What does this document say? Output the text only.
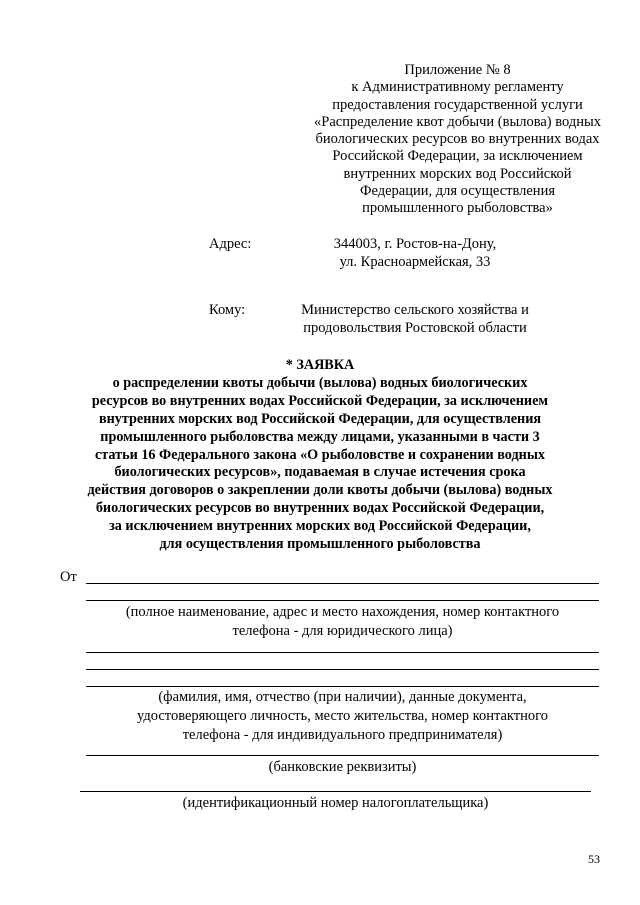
Приложение № 8
к Административному регламенту
предоставления государственной услуги
«Распределение квот добычи (вылова) водных
биологических ресурсов во внутренних водах
Российской Федерации, за исключением
внутренних морских вод Российской
Федерации, для осуществления
промышленного рыболовства»
Адрес:	344003, г. Ростов-на-Дону,
ул. Красноармейская, 33
Кому:	Министерство сельского хозяйства и
продовольствия Ростовской области
* ЗАЯВКА
о распределении квоты добычи (вылова) водных биологических
ресурсов во внутренних водах Российской Федерации, за исключением
внутренних морских вод Российской Федерации, для осуществления
промышленного рыболовства между лицами, указанными в части 3
статьи 16 Федерального закона «О рыболовстве и сохранении водных
биологических ресурсов», подаваемая в случае истечения срока
действия договоров о закреплении доли квоты добычи (вылова) водных
биологических ресурсов во внутренних водах Российской Федерации,
за исключением внутренних морских вод Российской Федерации,
для осуществления промышленного рыболовства
От
(полное наименование, адрес и место нахождения, номер контактного
телефона - для юридического лица)
(фамилия, имя, отчество (при наличии), данные документа,
удостоверяющего личность, место жительства, номер контактного
телефона - для индивидуального предпринимателя)
(банковские реквизиты)
(идентификационный номер налогоплательщика)
53
